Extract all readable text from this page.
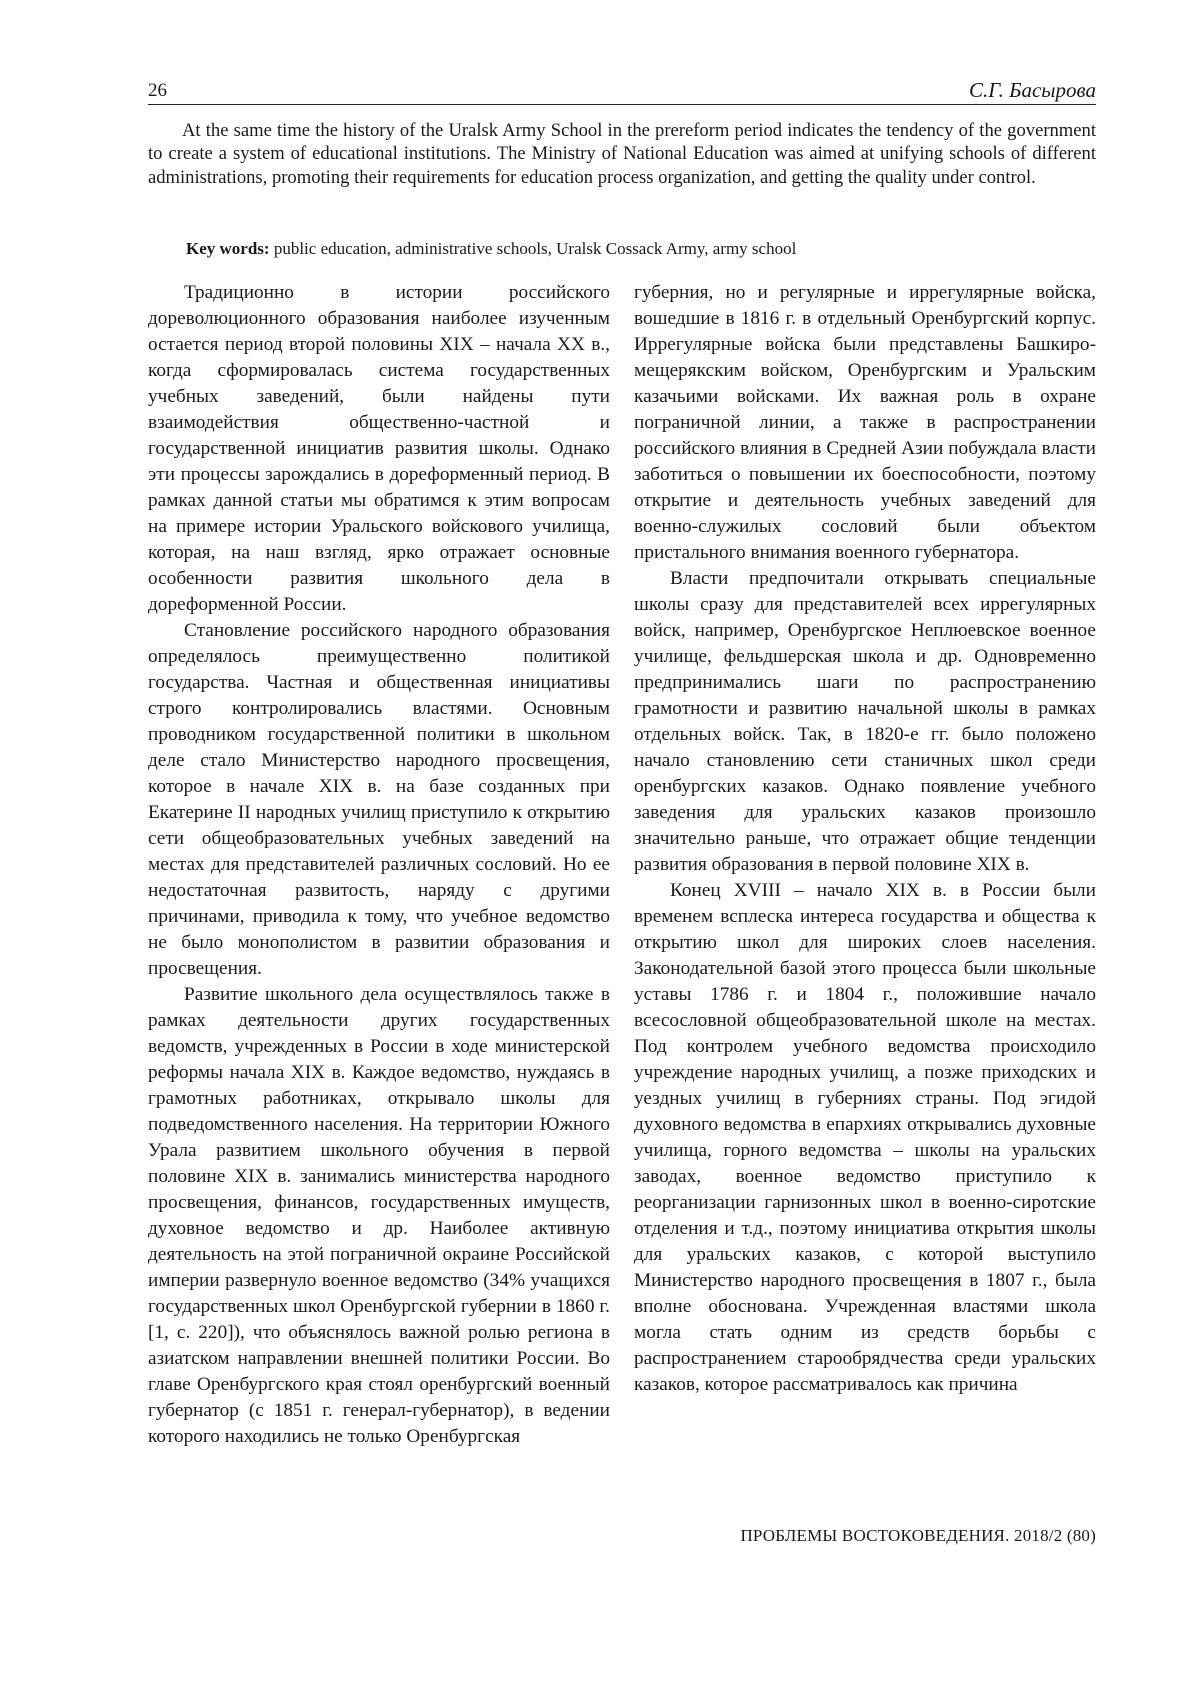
26	С.Г. Басырова

At the same time the history of the Uralsk Army School in the prereform period indicates the tendency of the government to create a system of educational institutions. The Ministry of National Education was aimed at unifying schools of different administrations, promoting their requirements for education process organization, and getting the quality under control.

Key words: public education, administrative schools, Uralsk Cossack Army, army school

Традиционно в истории российского дореволюционного образования наиболее изученным остается период второй половины XIX – начала XX в., когда сформировалась система государственных учебных заведений, были найдены пути взаимодействия общественно-частной и государственной инициатив развития школы. Однако эти процессы зарождались в дореформенный период. В рамках данной статьи мы обратимся к этим вопросам на примере истории Уральского войскового училища, которая, на наш взгляд, ярко отражает основные особенности развития школьного дела в дореформенной России.

Становление российского народного образования определялось преимущественно политикой государства. Частная и общественная инициативы строго контролировались властями. Основным проводником государственной политики в школьном деле стало Министерство народного просвещения, которое в начале XIX в. на базе созданных при Екатерине II народных училищ приступило к открытию сети общеобразовательных учебных заведений на местах для представителей различных сословий. Но ее недостаточная развитость, наряду с другими причинами, приводила к тому, что учебное ведомство не было монополистом в развитии образования и просвещения.

Развитие школьного дела осуществлялось также в рамках деятельности других государственных ведомств, учрежденных в России в ходе министерской реформы начала XIX в. Каждое ведомство, нуждаясь в грамотных работниках, открывало школы для подведомственного населения. На территории Южного Урала развитием школьного обучения в первой половине XIX в. занимались министерства народного просвещения, финансов, государственных имуществ, духовное ведомство и др. Наиболее активную деятельность на этой пограничной окраине Российской империи развернуло военное ведомство (34% учащихся государственных школ Оренбургской губернии в 1860 г. [1, с. 220]), что объяснялось важной ролью региона в азиатском направлении внешней политики России. Во главе Оренбургского края стоял оренбургский военный губернатор (с 1851 г. генерал-губернатор), в ведении которого находились не только Оренбургская

губерния, но и регулярные и иррегулярные войска, вошедшие в 1816 г. в отдельный Оренбургский корпус. Иррегулярные войска были представлены Башкиро-мещерякским войском, Оренбургским и Уральским казачьими войсками. Их важная роль в охране пограничной линии, а также в распространении российского влияния в Средней Азии побуждала власти заботиться о повышении их боеспособности, поэтому открытие и деятельность учебных заведений для военно-служилых сословий были объектом пристального внимания военного губернатора.

Власти предпочитали открывать специальные школы сразу для представителей всех иррегулярных войск, например, Оренбургское Неплюевское военное училище, фельдшерская школа и др. Одновременно предпринимались шаги по распространению грамотности и развитию начальной школы в рамках отдельных войск. Так, в 1820-е гг. было положено начало становлению сети станичных школ среди оренбургских казаков. Однако появление учебного заведения для уральских казаков произошло значительно раньше, что отражает общие тенденции развития образования в первой половине XIX в.

Конец XVIII – начало XIX в. в России были временем всплеска интереса государства и общества к открытию школ для широких слоев населения. Законодательной базой этого процесса были школьные уставы 1786 г. и 1804 г., положившие начало всесословной общеобразовательной школе на местах. Под контролем учебного ведомства происходило учреждение народных училищ, а позже приходских и уездных училищ в губерниях страны. Под эгидой духовного ведомства в епархиях открывались духовные училища, горного ведомства – школы на уральских заводах, военное ведомство приступило к реорганизации гарнизонных школ в военно-сиротские отделения и т.д., поэтому инициатива открытия школы для уральских казаков, с которой выступило Министерство народного просвещения в 1807 г., была вполне обоснована. Учрежденная властями школа могла стать одним из средств борьбы с распространением старообрядчества среди уральских казаков, которое рассматривалось как причина

ПРОБЛЕМЫ ВОСТОКОВЕДЕНИЯ. 2018/2 (80)
